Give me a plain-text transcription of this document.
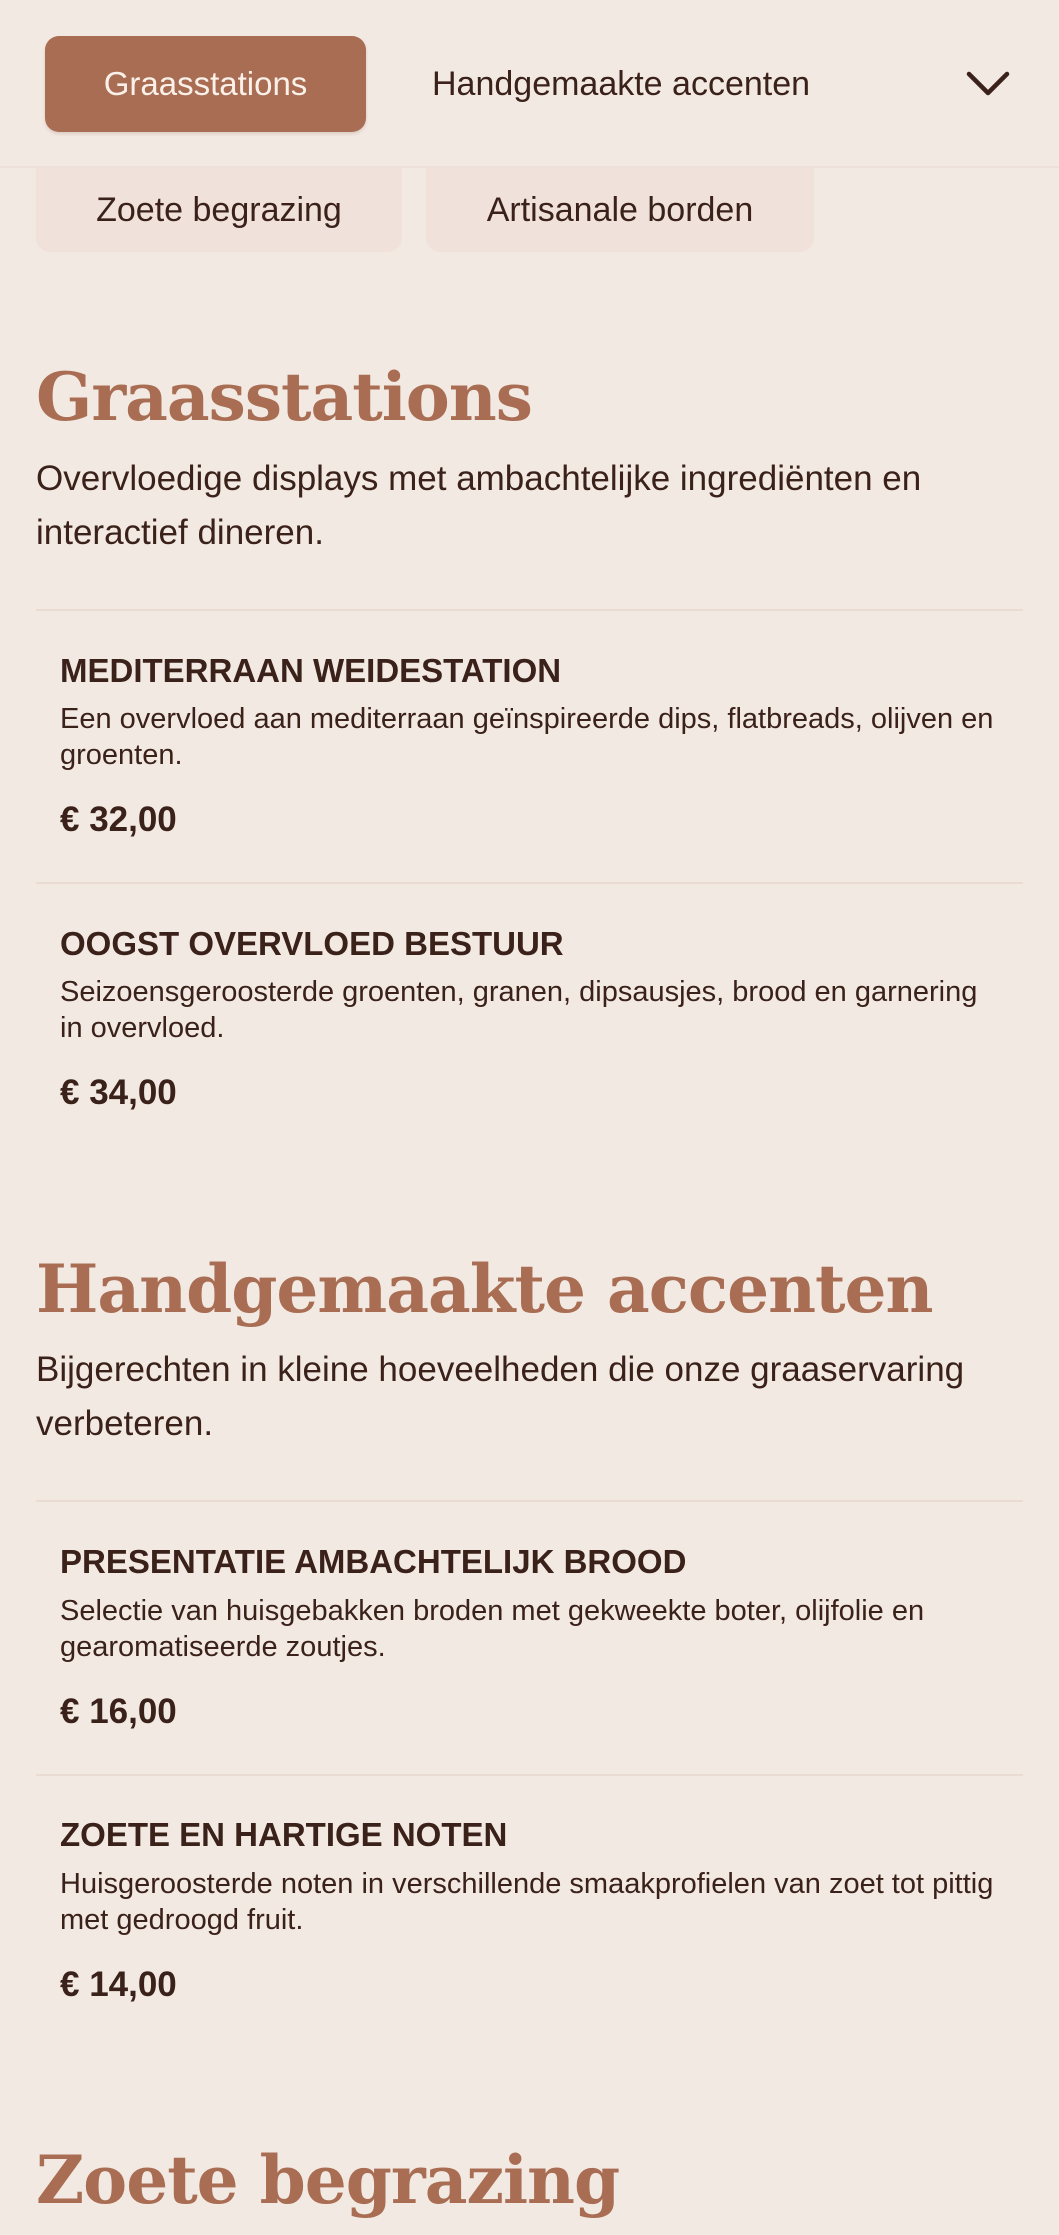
Zoete begrazing	Artisanale borden
Graasstations	Handgemaakte accenten
Graasstations

Overvloedige displays met ambachtelijke ingrediënten en interactief dineren.

MEDITERRAAN WEIDESTATION
Een overvloed aan mediterraan geïnspireerde dips, flatbreads, olijven en groenten.
€ 32,00
OOGST OVERVLOED BESTUUR
Seizoensgeroosterde groenten, granen, dipsausjes, brood en garnering in overvloed.
€ 34,00
Handgemaakte accenten

Bijgerechten in kleine hoeveelheden die onze graaservaring verbeteren.

PRESENTATIE AMBACHTELIJK BROOD
Selectie van huisgebakken broden met gekweekte boter, olijfolie en gearomatiseerde zoutjes.
€ 16,00
ZOETE EN HARTIGE NOTEN
Huisgeroosterde noten in verschillende smaakprofielen van zoet tot pittig met gedroogd fruit.
€ 14,00
Zoete begrazing
